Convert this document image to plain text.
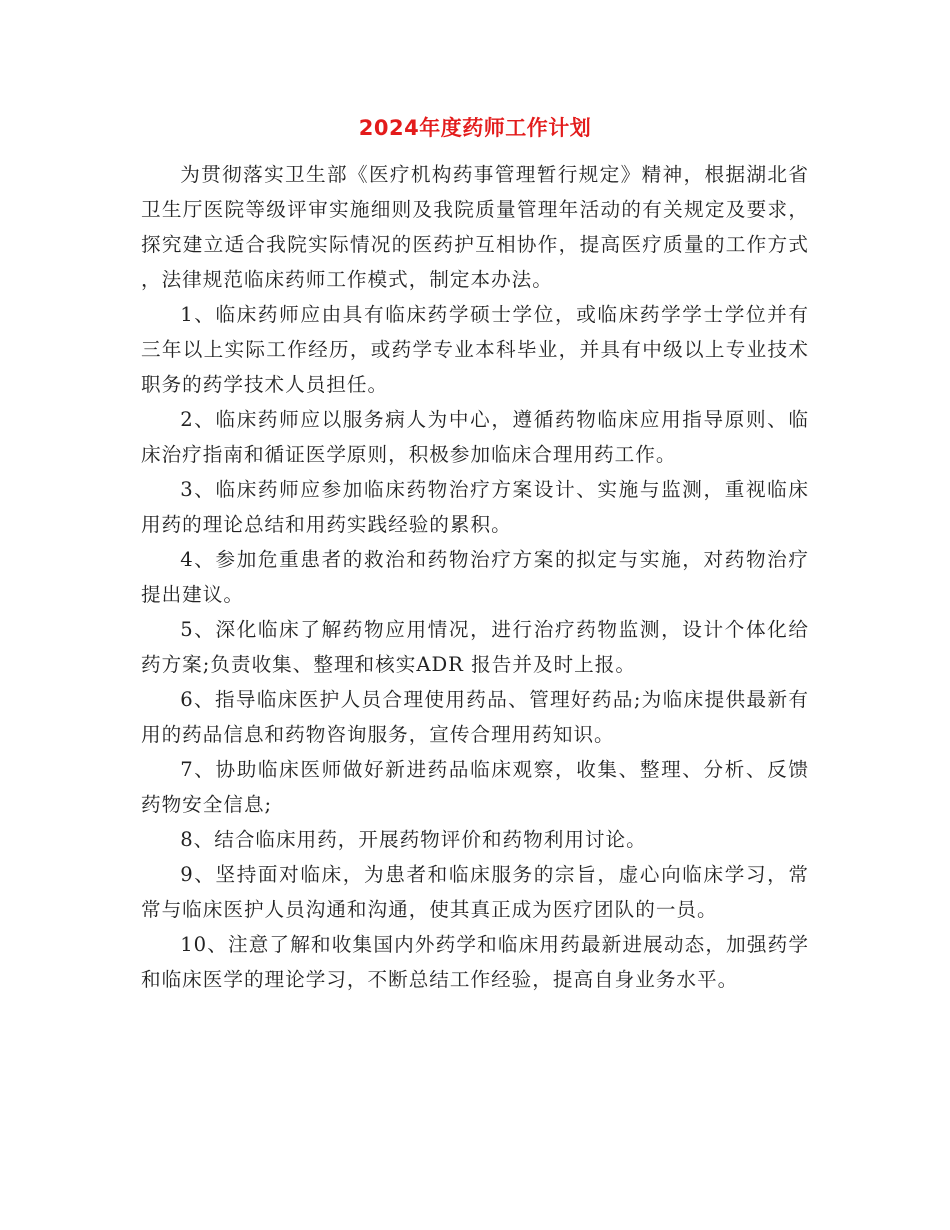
2024年度药师工作计划

为贯彻落实卫生部《医疗机构药事管理暂行规定》精神，根据湖北省卫生厅医院等级评审实施细则及我院质量管理年活动的有关规定及要求，探究建立适合我院实际情况的医药护互相协作，提高医疗质量的工作方式，法律规范临床药师工作模式，制定本办法。

1、临床药师应由具有临床药学硕士学位，或临床药学学士学位并有三年以上实际工作经历，或药学专业本科毕业，并具有中级以上专业技术职务的药学技术人员担任。

2、临床药师应以服务病人为中心，遵循药物临床应用指导原则、临床治疗指南和循证医学原则，积极参加临床合理用药工作。

3、临床药师应参加临床药物治疗方案设计、实施与监测，重视临床用药的理论总结和用药实践经验的累积。

4、参加危重患者的救治和药物治疗方案的拟定与实施，对药物治疗提出建议。

5、深化临床了解药物应用情况，进行治疗药物监测，设计个体化给药方案;负责收集、整理和核实ADR 报告并及时上报。

6、指导临床医护人员合理使用药品、管理好药品;为临床提供最新有用的药品信息和药物咨询服务，宣传合理用药知识。

7、协助临床医师做好新进药品临床观察，收集、整理、分析、反馈药物安全信息;

8、结合临床用药，开展药物评价和药物利用讨论。

9、坚持面对临床，为患者和临床服务的宗旨，虚心向临床学习，常常与临床医护人员沟通和沟通，使其真正成为医疗团队的一员。

10、注意了解和收集国内外药学和临床用药最新进展动态，加强药学和临床医学的理论学习，不断总结工作经验，提高自身业务水平。
